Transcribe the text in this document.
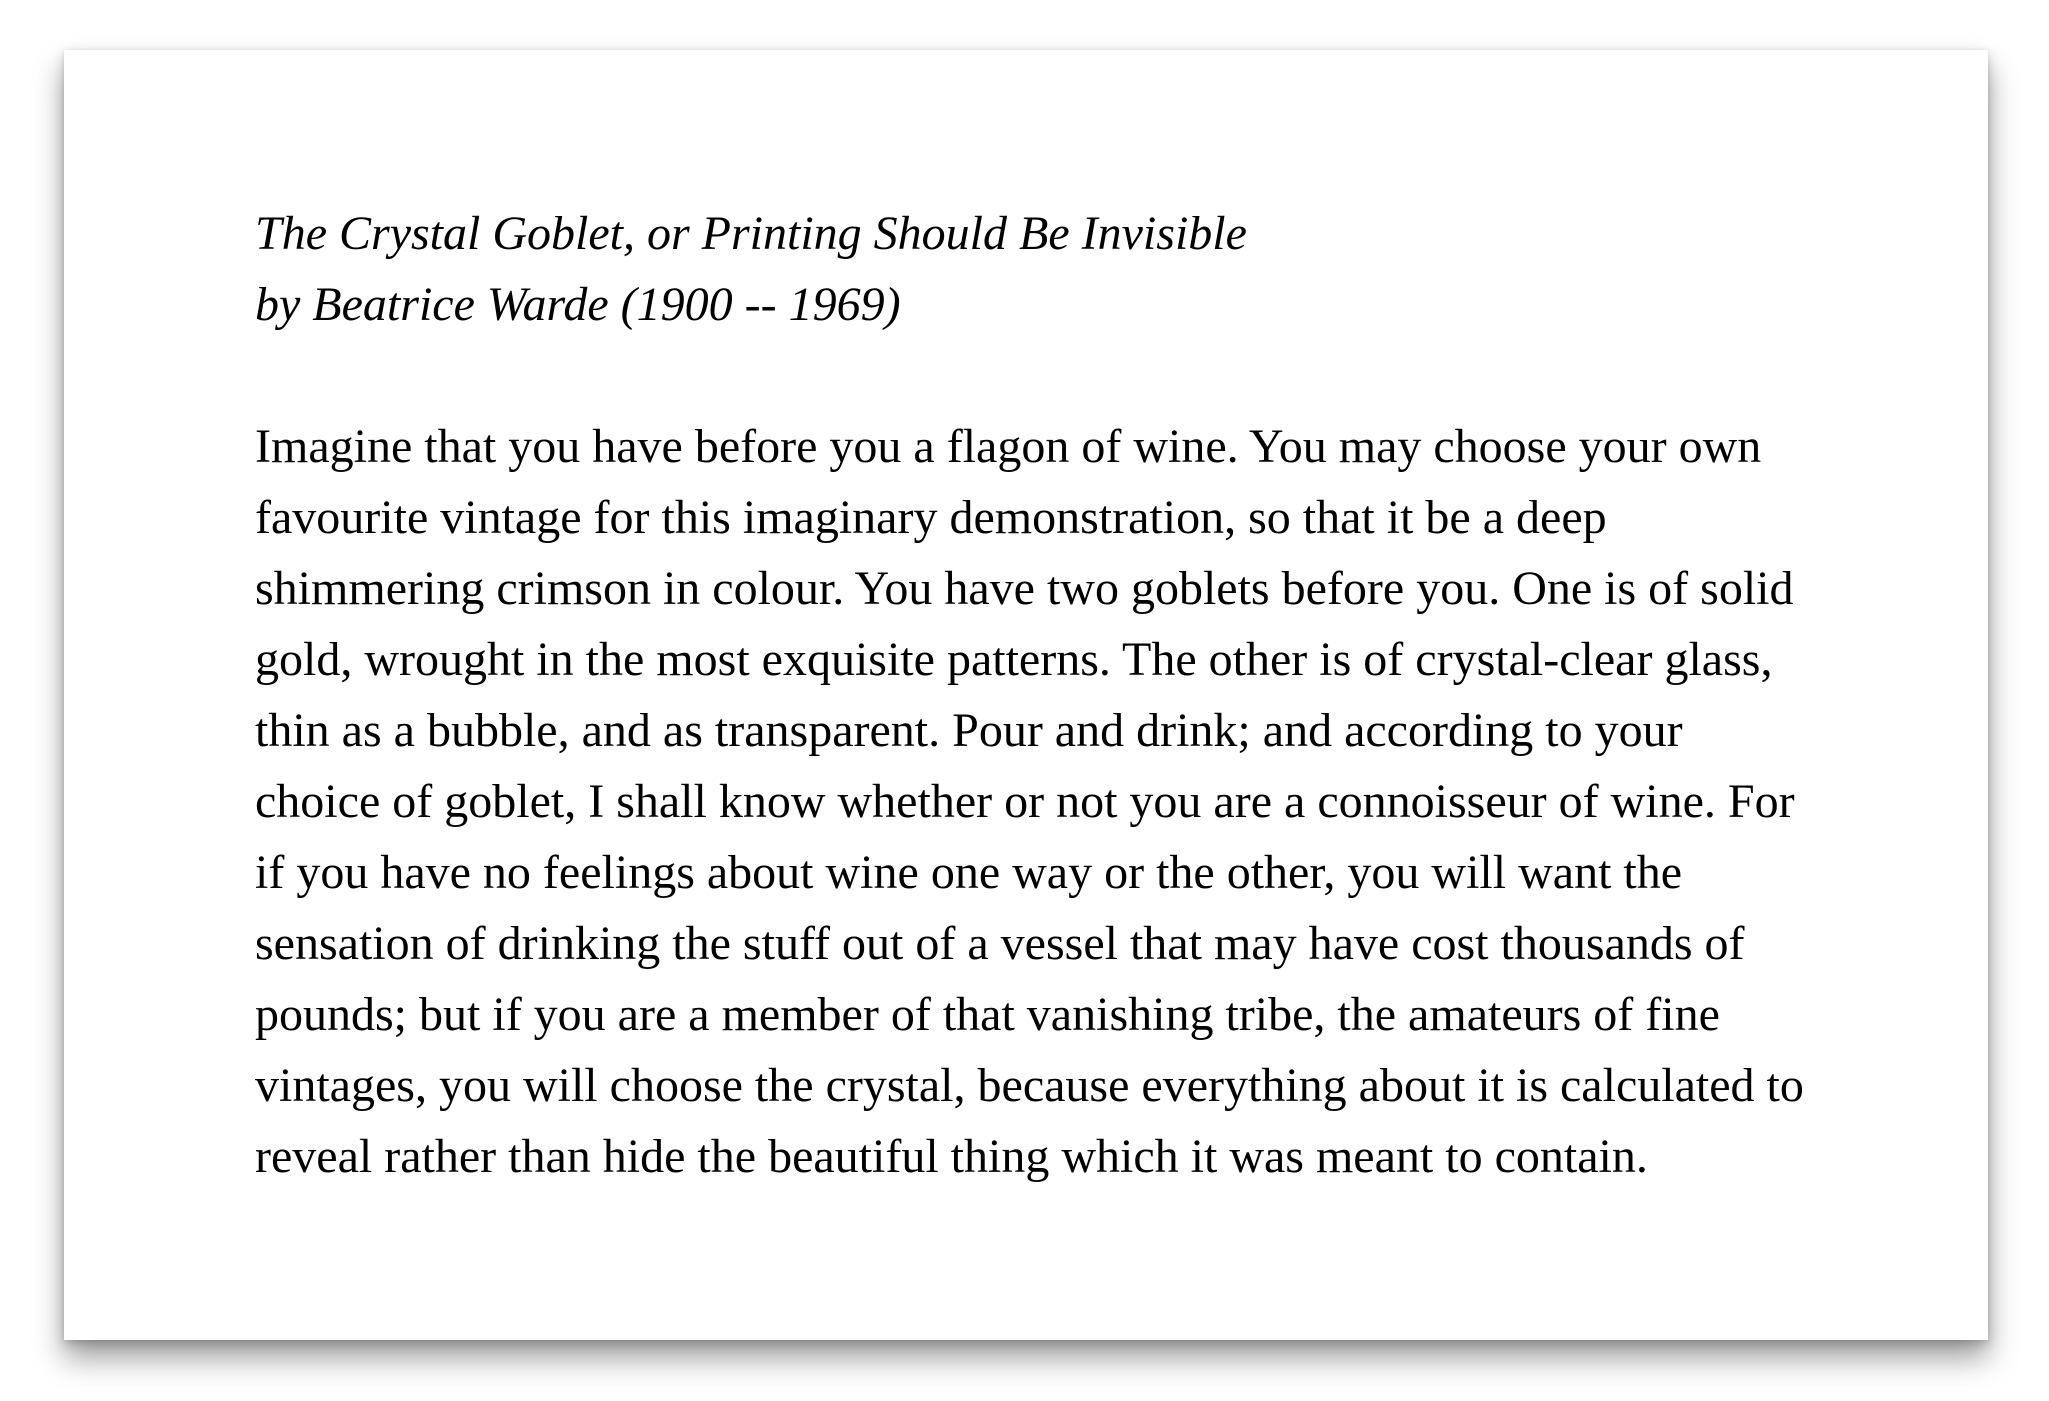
The Crystal Goblet, or Printing Should Be Invisible
by Beatrice Warde (1900 -- 1969)

Imagine that you have before you a flagon of wine. You may choose your own
favourite vintage for this imaginary demonstration, so that it be a deep
shimmering crimson in colour. You have two goblets before you. One is of solid
gold, wrought in the most exquisite patterns. The other is of crystal-clear glass,
thin as a bubble, and as transparent. Pour and drink; and according to your
choice of goblet, I shall know whether or not you are a connoisseur of wine. For
if you have no feelings about wine one way or the other, you will want the
sensation of drinking the stuff out of a vessel that may have cost thousands of
pounds; but if you are a member of that vanishing tribe, the amateurs of fine
vintages, you will choose the crystal, because everything about it is calculated to
reveal rather than hide the beautiful thing which it was meant to contain.
